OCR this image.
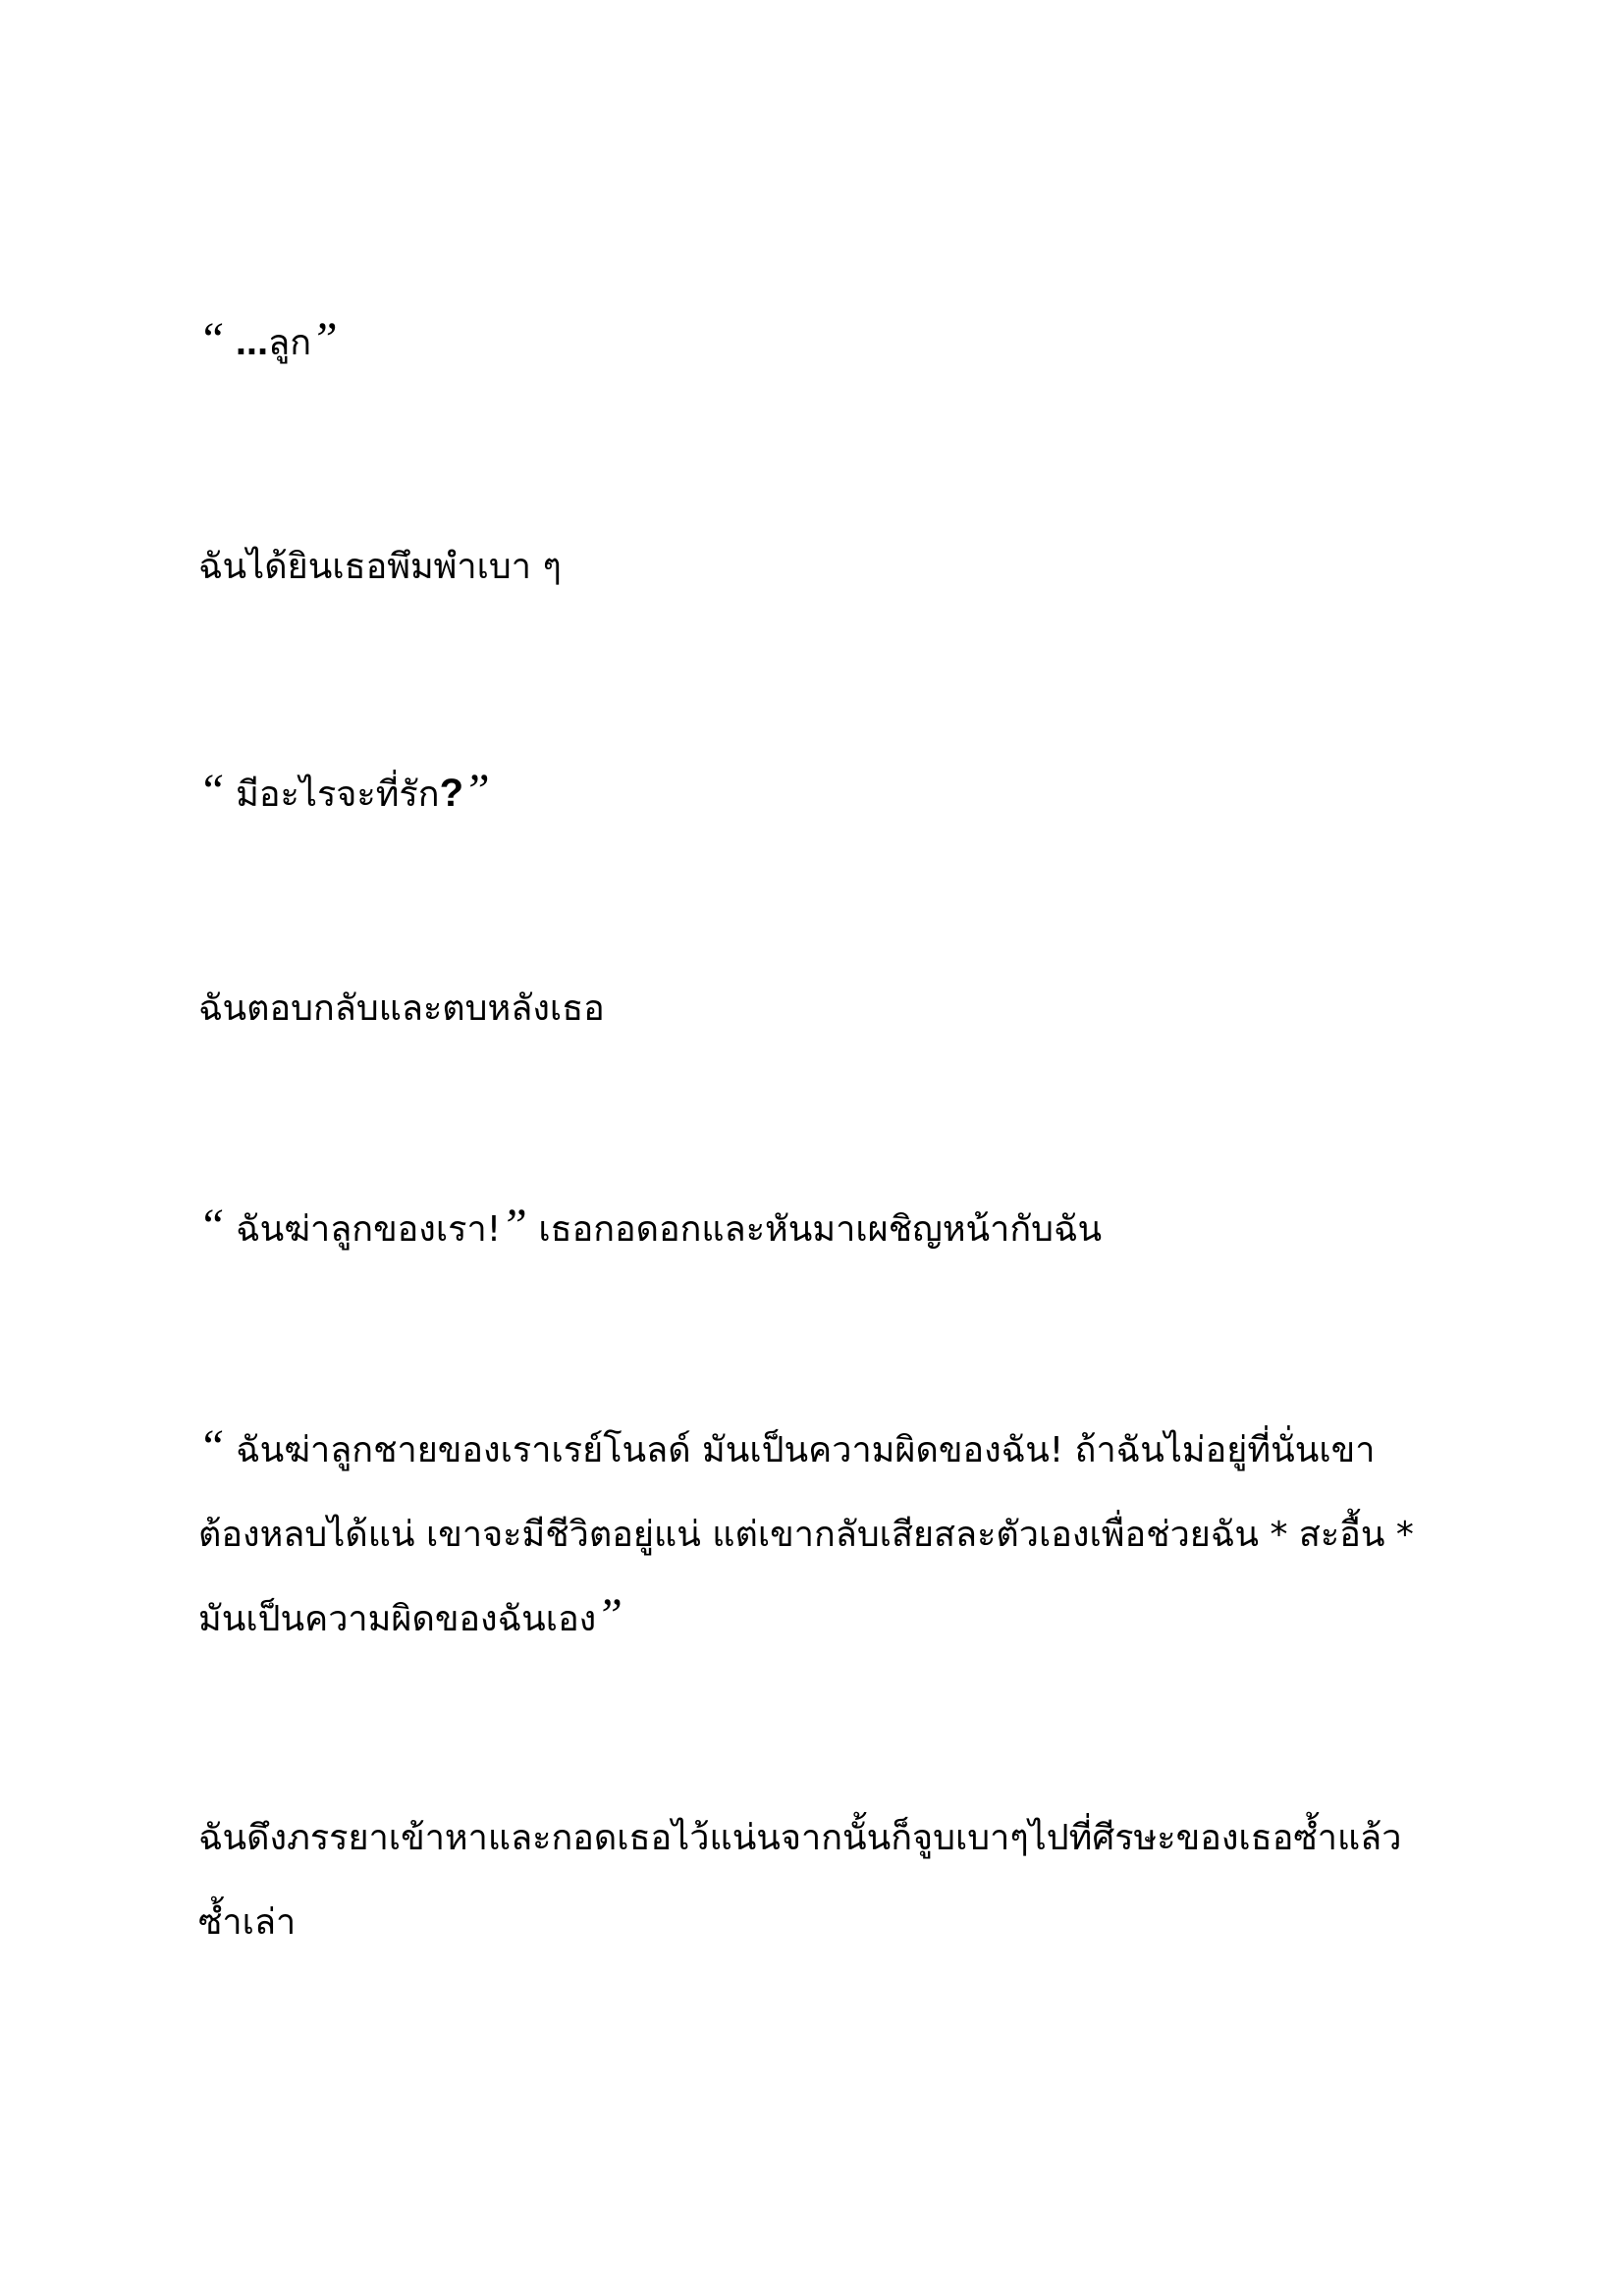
“ ...ลูก”

ฉันได้ยินเธอพึมพำเบา ๆ

“ มีอะไรจะที่รัก?”

ฉันตอบกลับและตบหลังเธอ

“ ฉันฆ่าลูกของเรา!” เธอกอดอกและหันมาเผชิญหน้ากับฉัน

“ ฉันฆ่าลูกชายของเราเรย์โนลด์ มันเป็นความผิดของฉัน! ถ้าฉันไม่อยู่ที่นั่นเขาต้องหลบได้แน่ เขาจะมีชีวิตอยู่แน่ แต่เขากลับเสียสละตัวเองเพื่อช่วยฉัน * สะอื้น * มันเป็นความผิดของฉันเอง”

ฉันดึงภรรยาเข้าหาและกอดเธอไว้แน่นจากนั้นก็จูบเบาๆไปที่ศีรษะของเธอซ้ำแล้วซ้ำเล่า
